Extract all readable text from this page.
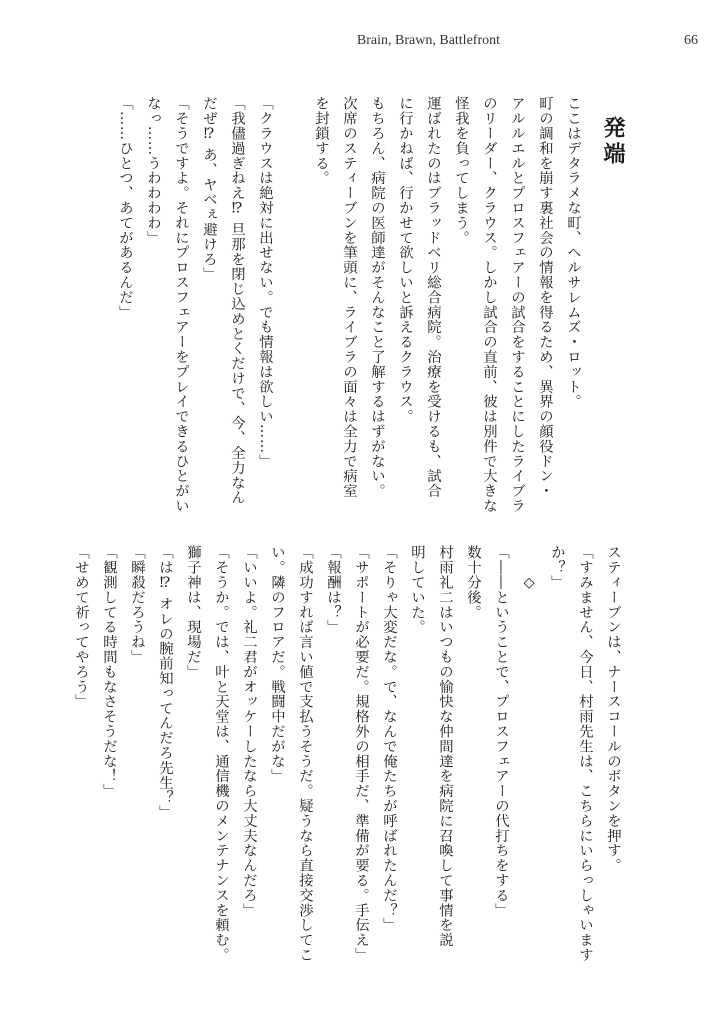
Brain, Brawn, Battlefront	66
発端
ここはデタラメな町、ヘルサレムズ・ロット。
町の調和を崩す裏社会の情報を得るため、異界の顔役ドン・
アルルエルとプロスフェアーの試合をすることにしたライブラ
のリーダー、クラウス。しかし試合の直前、彼は別件で大きな
怪我を負ってしまう。
運ばれたのはブラッドベリ総合病院。治療を受けるも、試合
に行かねば、行かせて欲しいと訴えるクラウス。
もちろん、病院の医師達がそんなこと了解するはずがない。
次席のスティーブンを筆頭に、ライブラの面々は全力で病室
を封鎖する。
「クラウスは絶対に出せない。でも情報は欲しい……」
「我儘過ぎねえ⁉ 旦那を閉じ込めとくだけで、今、全力なん
だぜ⁉ あ、ヤベぇ避けろ」
「そうですよ。それにプロスフェアーをプレイできるひとがい
なっ……うわわわわ」
「……ひとつ、あてがあるんだ」
スティーブンは、ナースコールのボタンを押す。
「すみません、今日、村雨先生は、こちらにいらっしゃいます
か？」
◇
「――ということで、プロスフェアーの代打ちをする」
数十分後。
村雨礼二はいつもの愉快な仲間達を病院に召喚して事情を説
明していた。
「そりゃ大変だな。で、なんで俺たちが呼ばれたんだ？」
「サポートが必要だ。規格外の相手だ、準備が要る。手伝え」
「報酬は？」
「成功すれば言い値で支払うそうだ。疑うなら直接交渉してこ
い。隣のフロアだ。戦闘中だがな」
「いいよ。礼二君がオッケーしたなら大丈夫なんだろ」
「そうか。では、叶と天堂は、通信機のメンテナンスを頼む。
獅子神は、現場だ」
「は⁉ オレの腕前知ってんだろ先生？」
「瞬殺だろうね」
「観測してる時間もなさそうだな！」
「せめて祈ってやろう」
